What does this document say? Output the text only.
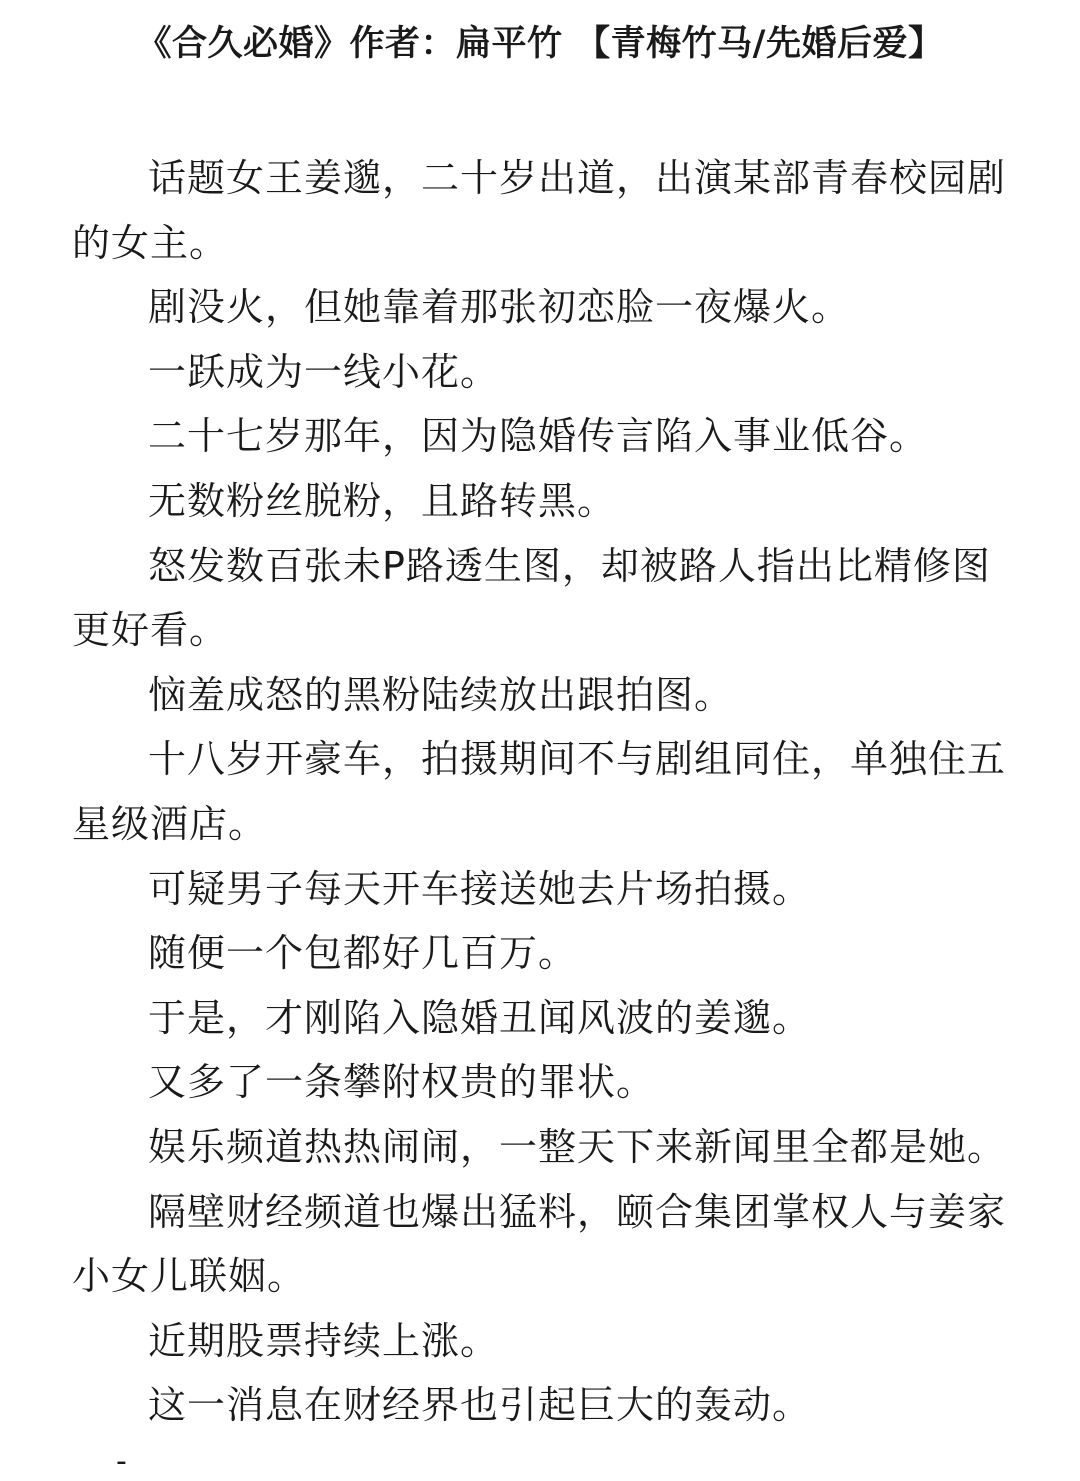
《合久必婚》作者：扁平竹 【青梅竹马/先婚后爱】

话题女王姜邈，二十岁出道，出演某部青春校园剧的女主。

剧没火，但她靠着那张初恋脸一夜爆火。

一跃成为一线小花。

二十七岁那年，因为隐婚传言陷入事业低谷。

无数粉丝脱粉，且路转黑。

怒发数百张未P路透生图，却被路人指出比精修图更好看。

恼羞成怒的黑粉陆续放出跟拍图。

十八岁开豪车，拍摄期间不与剧组同住，单独住五星级酒店。

可疑男子每天开车接送她去片场拍摄。

随便一个包都好几百万。

于是，才刚陷入隐婚丑闻风波的姜邈。

又多了一条攀附权贵的罪状。

娱乐频道热热闹闹，一整天下来新闻里全都是她。

隔壁财经频道也爆出猛料，颐合集团掌权人与姜家小女儿联姻。

近期股票持续上涨。

这一消息在财经界也引起巨大的轰动。

-
